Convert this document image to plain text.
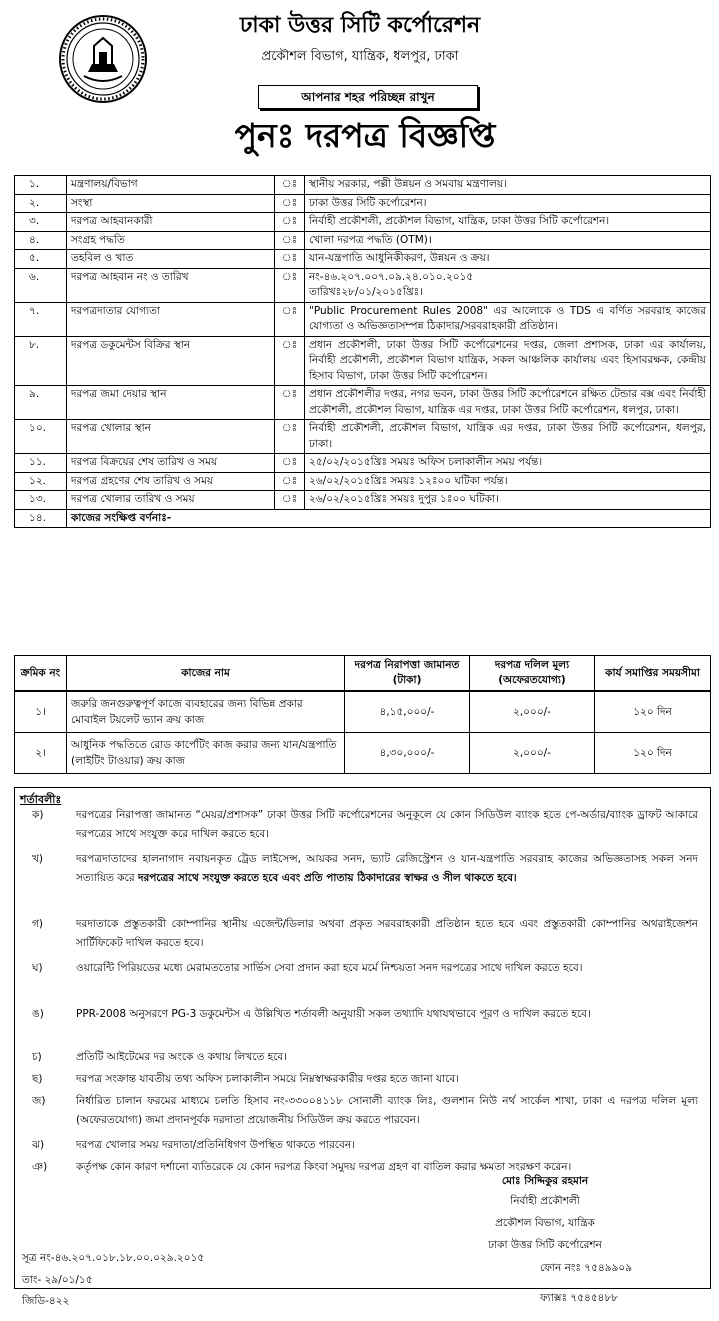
ঢাকা উত্তর সিটি কর্পোরেশন
প্রকৌশল বিভাগ, যান্ত্রিক, ধলপুর, ঢাকা
আপনার শহর পরিচ্ছন্ন রাখুন
পুনঃ দরপত্র বিজ্ঞপ্তি
১.	মন্ত্রণালয়/বিভাগ	ঃ	স্থানীয় সরকার, পল্লী উন্নয়ন ও সমবায় মন্ত্রণালয়।
২.	সংস্থা	ঃ	ঢাকা উত্তর সিটি কর্পোরেশন।
৩.	দরপত্র আহবানকারী	ঃ	নির্বাহী প্রকৌশলী, প্রকৌশল বিভাগ, যান্ত্রিক, ঢাকা উত্তর সিটি কর্পোরেশন।
৪.	সংগ্রহ পদ্ধতি	ঃ	খোলা দরপত্র পদ্ধতি (OTM)।
৫.	তহবিল ও খাত	ঃ	যান-যন্ত্রপাতি আধুনিকীকরণ, উন্নয়ন ও ক্রয়।
৬.	দরপত্র আহবান নং ও তারিখ	ঃ	নং-৪৬.২০৭.০০৭.০৯.২৪.০১০.২০১৫
তারিখঃ২৮/০১/২০১৫খ্রিঃ।

৭.	দরপত্রদাতার যোগ্যতা	ঃ	"Public Procurement Rules 2008" এর আলোকে ও TDS এ বর্ণিত সরবরাহ কাজের যোগ্যতা ও অভিজ্ঞতাসম্পন্ন ঠিকাদার/সরবরাহকারী প্রতিষ্ঠান।
৮.	দরপত্র ডকুমেন্টস বিক্রির স্থান	ঃ	প্রধান প্রকৌশলী, ঢাকা উত্তর সিটি কর্পোরেশনের দপ্তর, জেলা প্রশাসক, ঢাকা এর কার্যালয়, নির্বাহী প্রকৌশলী, প্রকৌশল বিভাগ যান্ত্রিক, সকল আঞ্চলিক কার্যালয় এবং হিসাবরক্ষক, কেন্দ্রীয় হিসাব বিভাগ, ঢাকা উত্তর সিটি কর্পোরেশন।
৯.	দরপত্র জমা দেয়ার স্থান	ঃ	প্রধান প্রকৌশলীর দপ্তর, নগর ভবন, ঢাকা উত্তর সিটি কর্পোরেশনে রক্ষিত টেন্ডার বক্স এবং নির্বাহী প্রকৌশলী, প্রকৌশল বিভাগ, যান্ত্রিক এর দপ্তর, ঢাকা উত্তর সিটি কর্পোরেশন, ধলপুর, ঢাকা।
১০.	দরপত্র খোলার স্থান	ঃ	নির্বাহী প্রকৌশলী, প্রকৌশল বিভাগ, যান্ত্রিক এর দপ্তর, ঢাকা উত্তর সিটি কর্পোরেশন, ধলপুর, ঢাকা।
১১.	দরপত্র বিক্রয়ের শেষ তারিখ ও সময়	ঃ	২৫/০২/২০১৫খ্রিঃ সময়ঃ অফিস চলাকালীন সময় পর্যন্ত।
১২.	দরপত্র গ্রহণের শেষ তারিখ ও সময়	ঃ	২৬/০২/২০১৫খ্রিঃ সময়ঃ ১২ঃ০০ ঘটিকা পর্যন্ত।
১৩.	দরপত্র খোলার তারিখ ও সময়	ঃ	২৬/০২/২০১৫খ্রিঃ সময়ঃ দুপুর ১ঃ০০ ঘটিকা।
১৪.	কাজের সংক্ষিপ্ত বর্ণনাঃ-		
ক্রমিক নং	কাজের নাম	দরপত্র নিরাপত্তা জামানত (টাকা)	দরপত্র দলিল মূল্য (অফেরতযোগ্য)	কার্য সমাপ্তির সময়সীমা
১।	জরুরি জনগুরুত্বপূর্ণ কাজে ব্যবহারের জন্য বিভিন্ন প্রকার মোবাইল টয়লেট ভ্যান ক্রয় কাজ	৪,১৫,০০০/-	২,০০০/-	১২০ দিন
২।	আধুনিক পদ্ধতিতে রোড কার্পেটিং কাজ করার জন্য যান/যন্ত্রপাতি (লাইটিং টাওয়ার) ক্রয় কাজ	৪,৩০,০০০/-	২,০০০/-	১২০ দিন
শর্তাবলীঃ
ক)	দরপত্রের নিরাপত্তা জামানত “মেয়র/প্রশাসক” ঢাকা উত্তর সিটি কর্পোরেশনের অনুকূলে যে কোন সিডিউল ব্যাংক হতে পে-অর্ডার/ব্যাংক ড্রাফট আকারে দরপত্রের সাথে সংযুক্ত করে দাখিল করতে হবে।
খ)	দরপত্রদাতাদের হালনাগাদ নবায়নকৃত ট্রেড লাইসেন্স, আয়কর সনদ, ভ্যাট রেজিস্ট্রেশন ও যান-যন্ত্রপাতি সরবরাহ কাজের অভিজ্ঞতাসহ সকল সনদ সত্যায়িত করে দরপত্রের সাথে সংযুক্ত করতে হবে এবং প্রতি পাতায় ঠিকাদারের স্বাক্ষর ও সীল থাকতে হবে।
গ)	দরদাতাকে প্রস্তুতকারী কোম্পানির স্থানীয় এজেন্ট/ডিলার অথবা প্রকৃত সরবরাহকারী প্রতিষ্ঠান হতে হবে এবং প্রস্তুতকারী কোম্পানির অথরাইজেশন সার্টিফিকেট দাখিল করতে হবে।
ঘ)	ওয়ারেন্টি পিরিয়ডের মধ্যে মেরামততোর সার্ভিস সেবা প্রদান করা হবে মর্মে নিশ্চয়তা সনদ দরপত্রের সাথে দাখিল করতে হবে।
ঙ)	PPR-2008 অনুসরণে PG-3 ডকুমেন্টস এ উল্লিখিত শর্তাবলী অনুযায়ী সকল তথ্যাদি যথাযথভাবে পূরণ ও দাখিল করতে হবে।
চ)	প্রতিটি আইটেমের দর অংকে ও কথায় লিখতে হবে।
ছ)	দরপত্র সংক্রান্ত যাবতীয় তথ্য অফিস চলাকালীন সময়ে নিম্নস্বাক্ষরকারীর দপ্তর হতে জানা যাবে।
জ)	নির্ধারিত চালান ফরমের মাধ্যমে চলতি হিসাব নং-৩৩০০৪১১৮ সোনালী ব্যাংক লিঃ, গুলশান নিউ নর্থ সার্কেল শাখা, ঢাকা এ দরপত্র দলিল মূল্য (অফেরতযোগ্য) জমা প্রদানপূর্বক দরদাতা প্রয়োজনীয় সিডিউল ক্রয় করতে পারবেন।
ঝ)	দরপত্র খোলার সময় দরদাতা/প্রতিনিধিগণ উপস্থিত থাকতে পারবেন।
ঞ)	কর্তৃপক্ষ কোন কারণ দর্শানো ব্যতিরেকে যে কোন দরপত্র কিংবা সমুদয় দরপত্র গ্রহণ বা বাতিল করার ক্ষমতা সংরক্ষণ করেন।
মোঃ সিদ্দিকুর রহমান
নির্বাহী প্রকৌশলী
প্রকৌশল বিভাগ, যান্ত্রিক
ঢাকা উত্তর সিটি কর্পোরেশন
সূত্র নং-৪৬.২০৭.০১৮.১৮.০০.০২৯.২০১৫
ফোন নংঃ ৭৫৪৯৯০৯
তাং- ২৯/০১/১৫
ফ্যাক্সঃ ৭৫৪৫৪৮৮
জিডি-৪২২
